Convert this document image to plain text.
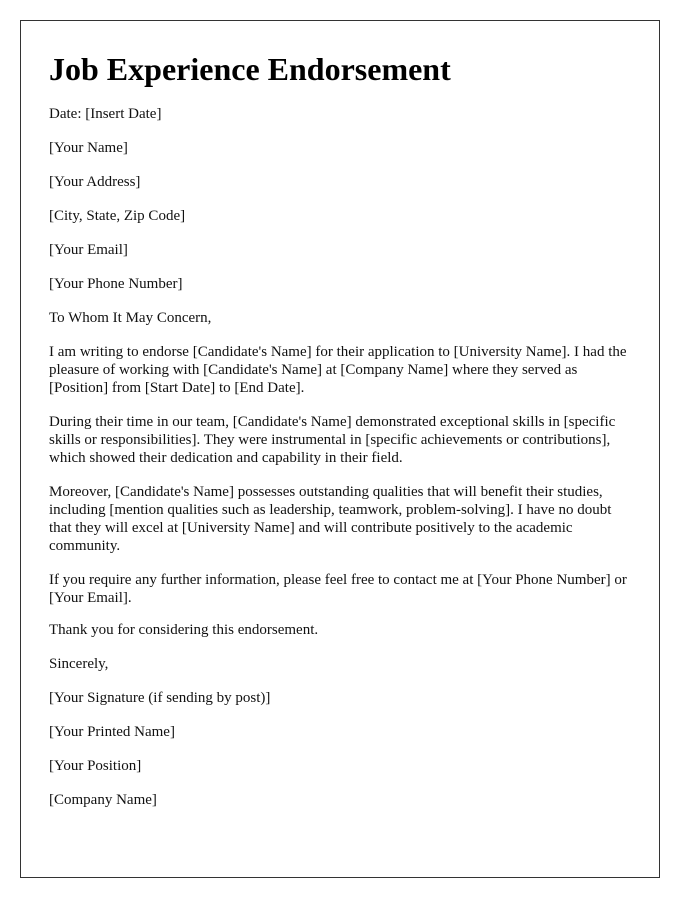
Job Experience Endorsement

Date: [Insert Date]

[Your Name]

[Your Address]

[City, State, Zip Code]

[Your Email]

[Your Phone Number]

To Whom It May Concern,

I am writing to endorse [Candidate's Name] for their application to [University Name]. I had the pleasure of working with [Candidate's Name] at [Company Name] where they served as [Position] from [Start Date] to [End Date].

During their time in our team, [Candidate's Name] demonstrated exceptional skills in [specific skills or responsibilities]. They were instrumental in [specific achievements or contributions], which showed their dedication and capability in their field.

Moreover, [Candidate's Name] possesses outstanding qualities that will benefit their studies, including [mention qualities such as leadership, teamwork, problem-solving]. I have no doubt that they will excel at [University Name] and will contribute positively to the academic community.

If you require any further information, please feel free to contact me at [Your Phone Number] or [Your Email].

Thank you for considering this endorsement.

Sincerely,

[Your Signature (if sending by post)]

[Your Printed Name]

[Your Position]

[Company Name]
